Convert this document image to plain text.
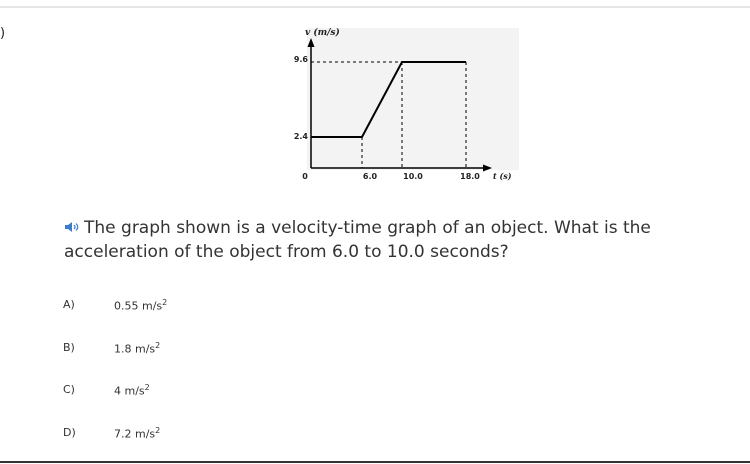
)	v (m/s)
9.6
2.4
0	6.0	10.0	18.0 t (s)
The graph shown is a velocity-time graph of an object. What is the acceleration of the object from 6.0 to 10.0 seconds?
A)	0.55 $m/s^2$
B)	1.8 $m/s^2$
C)	4 $m/s^2$
D)	7.2 $m/s^2$
